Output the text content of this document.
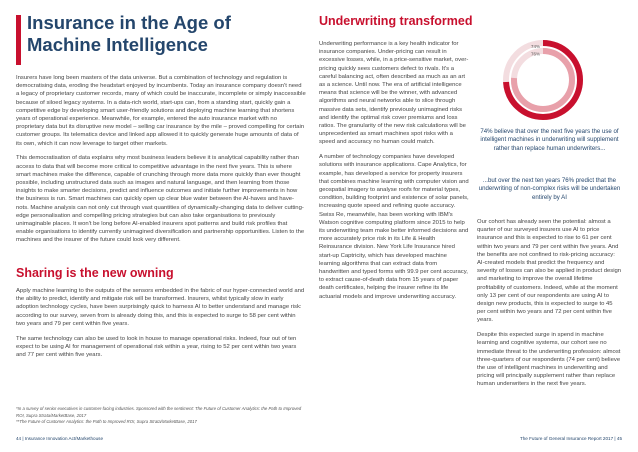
Insurance in the Age of Machine Intelligence

Insurers have long been masters of the data universe. But a combination of technology and regulation is democratising data, eroding the headstart enjoyed by incumbents. Today an insurance company doesn't need a legacy of proprietary customer records, many of which could be inaccurate, incomplete or simply inaccessible because of siloed legacy systems. In a data-rich world, start-ups can, from a standing start, quickly gain a competitive edge by developing smart user-friendly solutions and deploying machine learning that shortens years of operational experience. Meanwhile, for example, entered the auto insurance market with no proprietary data but its disruptive new model – selling car insurance by the mile – proved compelling for certain customer groups. Its telematics device and linked app allowed it to quickly generate huge amounts of data of its own, which it can now leverage to target other markets.

This democratisation of data explains why most business leaders believe it is analytical capability rather than access to data that will become more critical to competitive advantage in the next five years. This is where smart machines make the difference, capable of crunching through more data more quickly than ever thought possible, including unstructured data such as images and natural language, and then learning from those insights to make smarter decisions, predict and influence outcomes and initiate further improvements in how the business is run. Smart machines can quickly open up clear blue water between the AI-haves and have-nots. Machine analysis can not only cut through vast quantities of dynamically-changing data to deliver cutting-edge personalisation and compelling pricing strategies but can also take organisations to previously unimaginable places. It won't be long before AI-enabled insurers spot patterns and build risk profiles that enable organisations to identify currently unimagined diversification and partnership opportunities. Listen to the machines and the insurer of the future could look very different.

Sharing is the new owning

Apply machine learning to the outputs of the sensors embedded in the fabric of our hyper-connected world and the ability to predict, identify and mitigate risk will be transformed. Insurers, whilst typically slow in early adoption technology cycles, have been surprisingly quick to harness AI to better understand and manage risk: according to our survey, seven from is already doing this, and this is expected to surge to 58 per cent within two years and 79 per cent within five years.

The same technology can also be used to look in house to manage operational risks. Indeed, four out of ten expect to be using AI for management of operational risk within a year, rising to 52 per cent within two years and 77 per cent within five years.

*In a survey of senior executives in customer-facing industries. Sponsored with the sentiment: The Future of Customer Analytics: the Path to Improved ROI, Supra Strata/MarketBase, 2017
**The Future of Customer Analytics: the Path to Improved ROI, Supra Strata/MarketBase, 2017
44 | Insurance Innovation Act/Markethouse
Underwriting transformed

Underwriting performance is a key health indicator for insurance companies. Under-pricing can result in excessive losses, while, in a price-sensitive market, over-pricing quickly sees customers defect to rivals. It's a careful balancing act, often described as much as an art as a science. Until now. The era of artificial intelligence means that science will be the winner, with advanced algorithms and neural networks able to slice through massive data sets, identify previously unimagined risks and identify the optimal risk cover premiums and loss ratios. The granularity of the new risk calculations will be unprecedented as smart machines spot risks with a speed and accuracy no human could match.

A number of technology companies have developed solutions with insurance applications. Cape Analytics, for example, has developed a service for property insurers that combines machine learning with computer vision and geospatial imagery to analyse roofs for material types, condition, building footprint and existence of solar panels, increasing quote speed and refining quote accuracy. Swiss Re, meanwhile, has been working with IBM's Watson cognitive computing platform since 2015 to help its underwriting team make better informed decisions and more accurately price risk in its Life & Health Reinsurance division. New York Life Insurance hired start-up Captricity, which has developed machine learning algorithms that can extract data from handwritten and typed forms with 99.9 per cent accuracy, to extract cause-of-death data from 15 years of paper death certificates, helping the insurer refine its life actuarial models and improve underwriting accuracy.

74%
76%
74% believe that over the next five years the use of intelligent machines in underwriting will supplement rather than replace human underwriters...
...but over the next ten years 76% predict that the underwriting of non-complex risks will be undertaken entirely by AI

Our cohort has already seen the potential: almost a quarter of our surveyed insurers use AI to price insurance and this is expected to rise to 61 per cent within two years and 79 per cent within five years. And the benefits are not confined to risk-pricing accuracy: AI-created models that predict the frequency and severity of losses can also be applied in product design and marketing to improve the overall lifetime profitability of customers. Indeed, while at the moment only 13 per cent of our respondents are using AI to design new products, this is expected to surge to 45 per cent within two years and 72 per cent within five years.

Despite this expected surge in spend in machine learning and cognitive systems, our cohort see no immediate threat to the underwriting profession: almost three-quarters of our respondents (74 per cent) believe the use of intelligent machines in underwriting and pricing will principally supplement rather than replace human underwriters in the next five years.

The Future of General Insurance Report 2017 | 45
